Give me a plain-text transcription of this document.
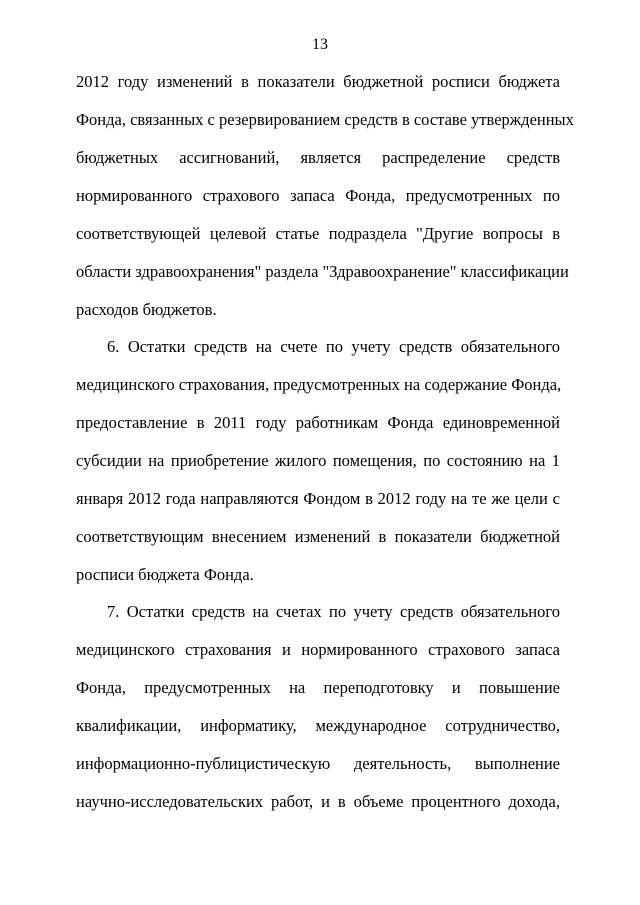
13
2012 году изменений в показатели бюджетной росписи бюджета
Фонда, связанных с резервированием средств в составе утвержденных
бюджетных ассигнований, является распределение средств
нормированного страхового запаса Фонда, предусмотренных по
соответствующей целевой статье подраздела "Другие вопросы в
области здравоохранения" раздела "Здравоохранение" классификации
расходов бюджетов.
6. Остатки средств на счете по учету средств обязательного
медицинского страхования, предусмотренных на содержание Фонда,
предоставление в 2011 году работникам Фонда единовременной
субсидии на приобретение жилого помещения, по состоянию на 1
января 2012 года направляются Фондом в 2012 году на те же цели с
соответствующим внесением изменений в показатели бюджетной
росписи бюджета Фонда.
7. Остатки средств на счетах по учету средств обязательного
медицинского страхования и нормированного страхового запаса
Фонда, предусмотренных на переподготовку и повышение
квалификации, информатику, международное сотрудничество,
информационно-публицистическую деятельность, выполнение
научно-исследовательских работ, и в объеме процентного дохода,
